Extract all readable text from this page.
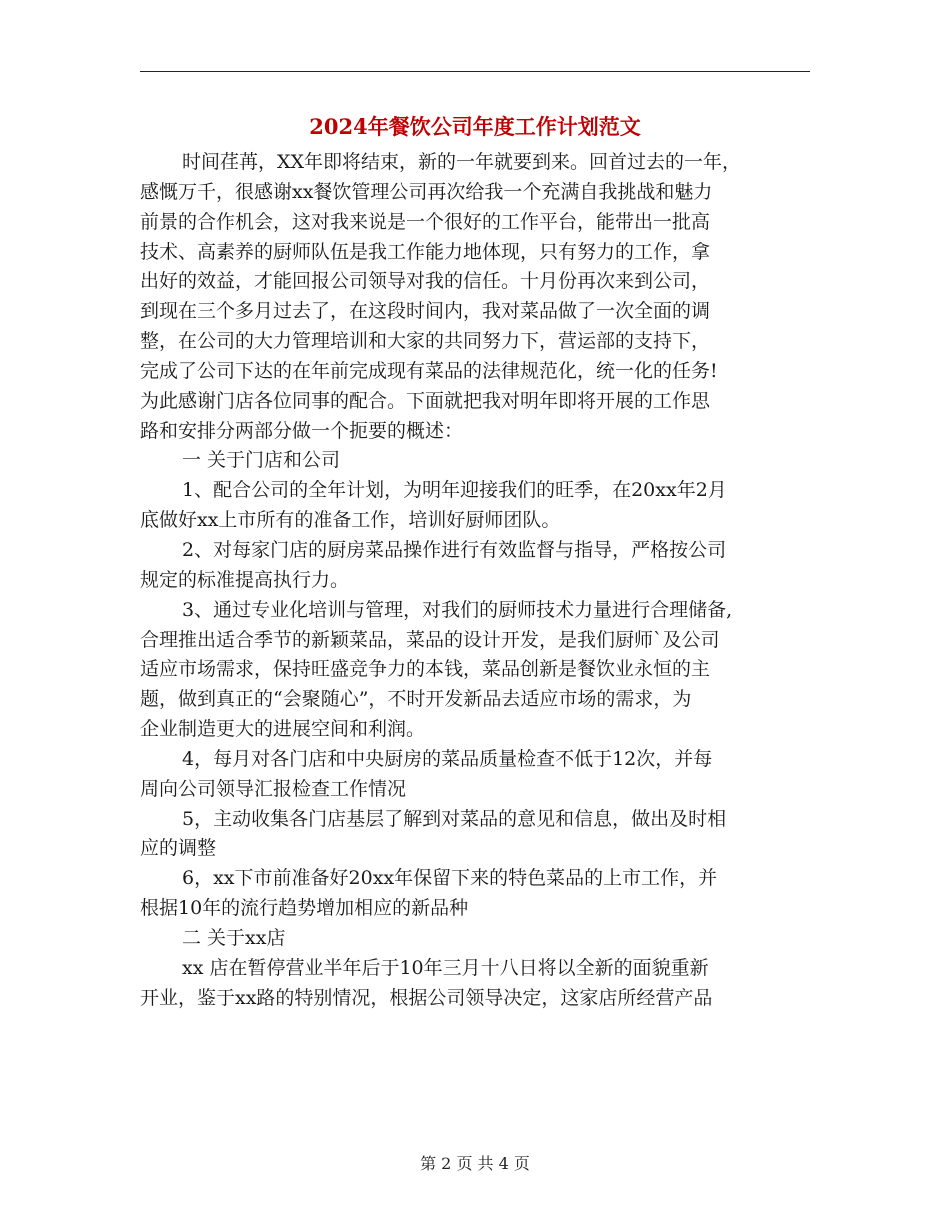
2024年餐饮公司年度工作计划范文
时间荏苒，XX年即将结束，新的一年就要到来。回首过去的一年，
感慨万千，很感谢xx餐饮管理公司再次给我一个充满自我挑战和魅力
前景的合作机会，这对我来说是一个很好的工作平台，能带出一批高
技术、高素养的厨师队伍是我工作能力地体现，只有努力的工作，拿
出好的效益，才能回报公司领导对我的信任。十月份再次来到公司，
到现在三个多月过去了，在这段时间内，我对菜品做了一次全面的调
整，在公司的大力管理培训和大家的共同努力下，营运部的支持下，
完成了公司下达的在年前完成现有菜品的法律规范化，统一化的任务!
为此感谢门店各位同事的配合。下面就把我对明年即将开展的工作思
路和安排分两部分做一个扼要的概述：
一 关于门店和公司
1、配合公司的全年计划，为明年迎接我们的旺季，在20xx年2月
底做好xx上市所有的准备工作，培训好厨师团队。
2、对每家门店的厨房菜品操作进行有效监督与指导，严格按公司
规定的标准提高执行力。
3、通过专业化培训与管理，对我们的厨师技术力量进行合理储备,
合理推出适合季节的新颖菜品，菜品的设计开发，是我们厨师`及公司
适应市场需求，保持旺盛竞争力的本钱，菜品创新是餐饮业永恒的主
题，做到真正的“会聚随心”，不时开发新品去适应市场的需求，为
企业制造更大的进展空间和利润。
4，每月对各门店和中央厨房的菜品质量检查不低于12次，并每
周向公司领导汇报检查工作情况
5，主动收集各门店基层了解到对菜品的意见和信息，做出及时相
应的调整
6，xx下市前准备好20xx年保留下来的特色菜品的上市工作，并
根据10年的流行趋势增加相应的新品种
二 关于xx店
xx 店在暂停营业半年后于10年三月十八日将以全新的面貌重新
开业，鉴于xx路的特别情况，根据公司领导决定，这家店所经营产品
第 2 页 共 4 页
